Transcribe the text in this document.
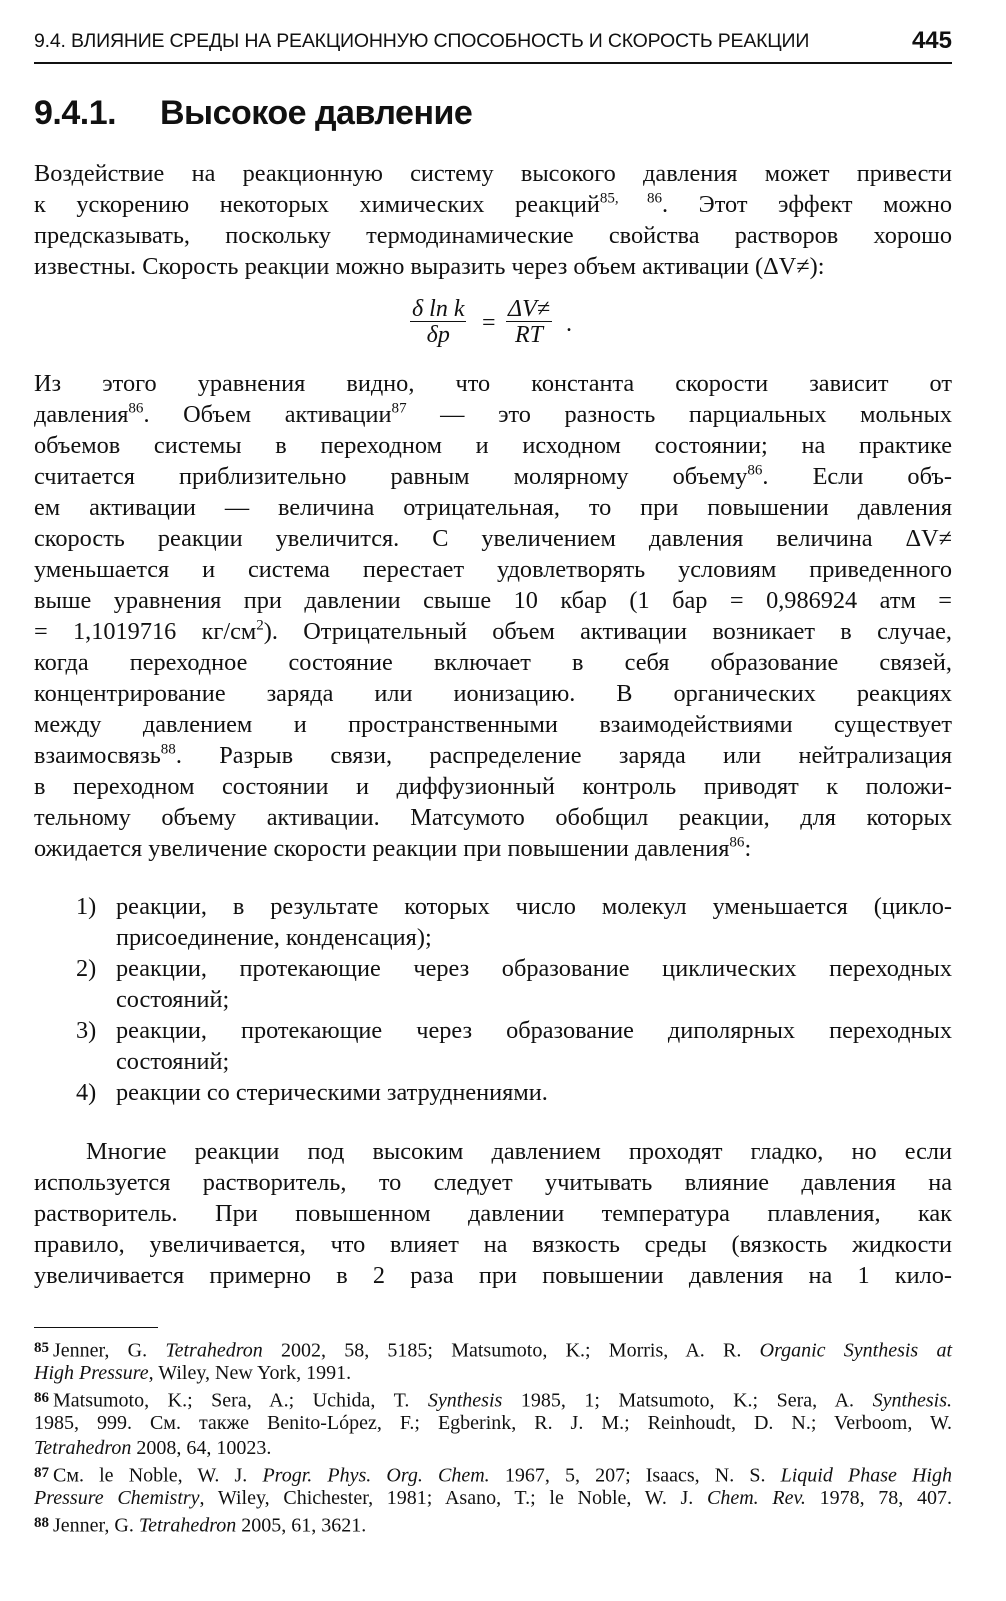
9.4. ВЛИЯНИЕ СРЕДЫ НА РЕАКЦИОННУЮ СПОСОБНОСТЬ И СКОРОСТЬ РЕАКЦИИ	445
9.4.1. Высокое давление
Воздействие на реакционную систему высокого давления может привести
к ускорению некоторых химических реакций$^{85, 86}$. Этот эффект можно
предсказывать, поскольку термодинамические свойства растворов хорошо
известны. Скорость реакции можно выразить через объем активации (ΔV≠):
$\frac{\text{δ ln k}}{\delta p} = \frac{\Delta V\ne}{RT}$ .
Из этого уравнения видно, что константа скорости зависит от
давления$^{86}$. Объем активации$^{87}$ — это разность парциальных мольных
объемов системы в переходном и исходном состоянии; на практике
считается приблизительно равным молярному объему$^{86}$. Если объ-
ем активации — величина отрицательная, то при повышении давления
скорость реакции увеличится. С увеличением давления величина ΔV≠
уменьшается и система перестает удовлетворять условиям приведенного
выше уравнения при давлении свыше 10 кбар (1 бар = 0,986924 атм =
= 1,1019716 $кг/см^2$). Отрицательный объем активации возникает в случае,
когда переходное состояние включает в себя образование связей,
концентрирование заряда или ионизацию. В органических реакциях
между давлением и пространственными взаимодействиями существует
взаимосвязь$^{88}$. Разрыв связи, распределение заряда или нейтрализация
в переходном состоянии и диффузионный контроль приводят к положи-
тельному объему активации. Матсумото обобщил реакции, для которых
ожидается увеличение скорости реакции при повышении давления$^{86}$:
1) реакции, в результате которых число молекул уменьшается (цикло-
присоединение, конденсация);
2) реакции, протекающие через образование циклических переходных
состояний;
3) реакции, протекающие через образование диполярных переходных
состояний;
4) реакции со стерическими затруднениями.
Многие реакции под высоким давлением проходят гладко, но если
используется растворитель, то следует учитывать влияние давления на
растворитель. При повышенном давлении температура плавления, как
правило, увеличивается, что влияет на вязкость среды (вязкость жидкости
увеличивается примерно в 2 раза при повышении давления на 1 кило-
$^{85}$ Jenner, G. Tetrahedron 2002, 58, 5185; Matsumoto, K.; Morris, A. R. Organic Synthesis at
High Pressure, Wiley, New York, 1991.
$^{86}$ Matsumoto, K.; Sera, A.; Uchida, T. Synthesis 1985, 1; Matsumoto, K.; Sera, A. Synthesis.
1985, 999. См. также Benito-López, F.; Egberink, R. J. M.; Reinhoudt, D. N.; Verboom, W.
Tetrahedron 2008, 64, 10023.
$^{87}$ См. le Noble, W. J. Progr. Phys. Org. Chem. 1967, 5, 207; Isaacs, N. S. Liquid Phase High
Pressure Chemistry, Wiley, Chichester, 1981; Asano, T.; le Noble, W. J. Chem. Rev. 1978, 78, 407.
$^{88}$ Jenner, G. Tetrahedron 2005, 61, 3621.
